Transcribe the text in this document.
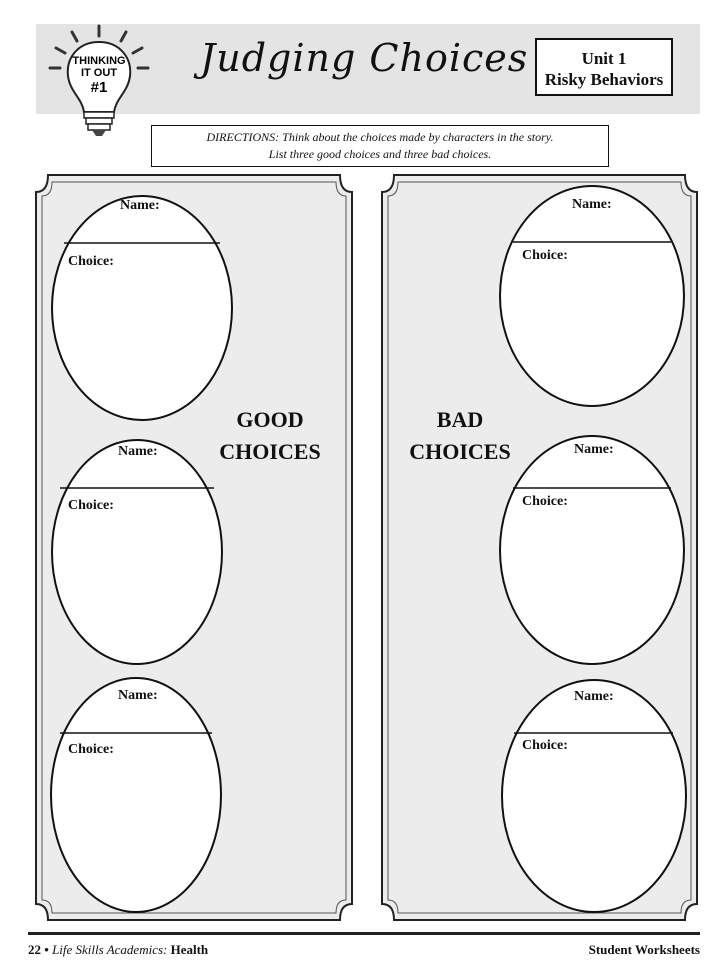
THINKING
IT OUT
#1
Judging Choices	Unit 1
Risky Behaviors
DIRECTIONS: Think about the choices made by characters in the story.
List three good choices and three bad choices.
Name:
Choice:
Name:
Choice:
Name:
Choice:
Name:
Choice:
Name:
Choice:
Name:
Choice:
GOOD
CHOICES
BAD
CHOICES
22 • Life Skills Academics: Health	Student Worksheets
